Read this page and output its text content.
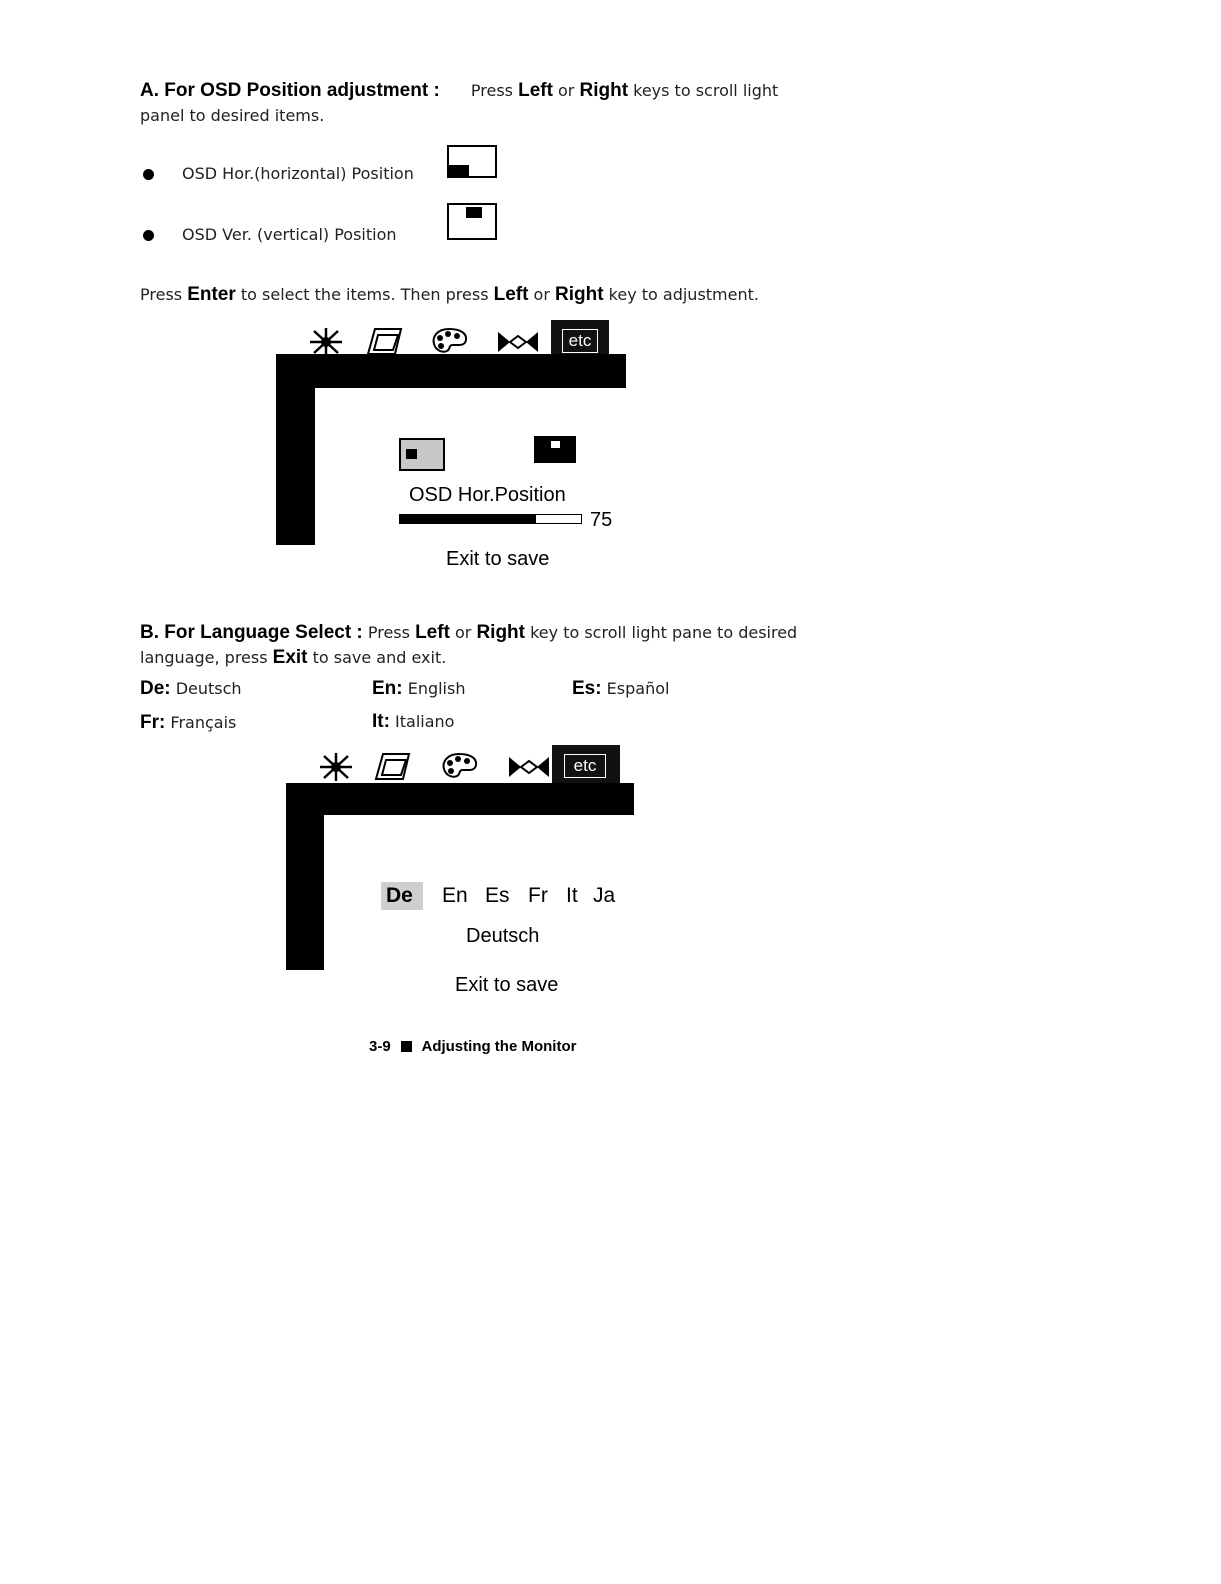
A. For OSD Position adjustment : Press Left or Right keys to scroll light
panel to desired items.
OSD Hor.(horizontal) Position
OSD Ver. (vertical) Position
Press Enter to select the items. Then press Left or Right key to adjustment.
etc
OSD Hor.Position
75
Exit to save
B. For Language Select : Press Left or Right key to scroll light pane to desired
language, press Exit to save and exit.
De: Deutsch	En: English	Es: Español
Fr: Français	It: Italiano
etc
De En Es Fr It Ja
Deutsch
Exit to save
3-9 Adjusting the Monitor
